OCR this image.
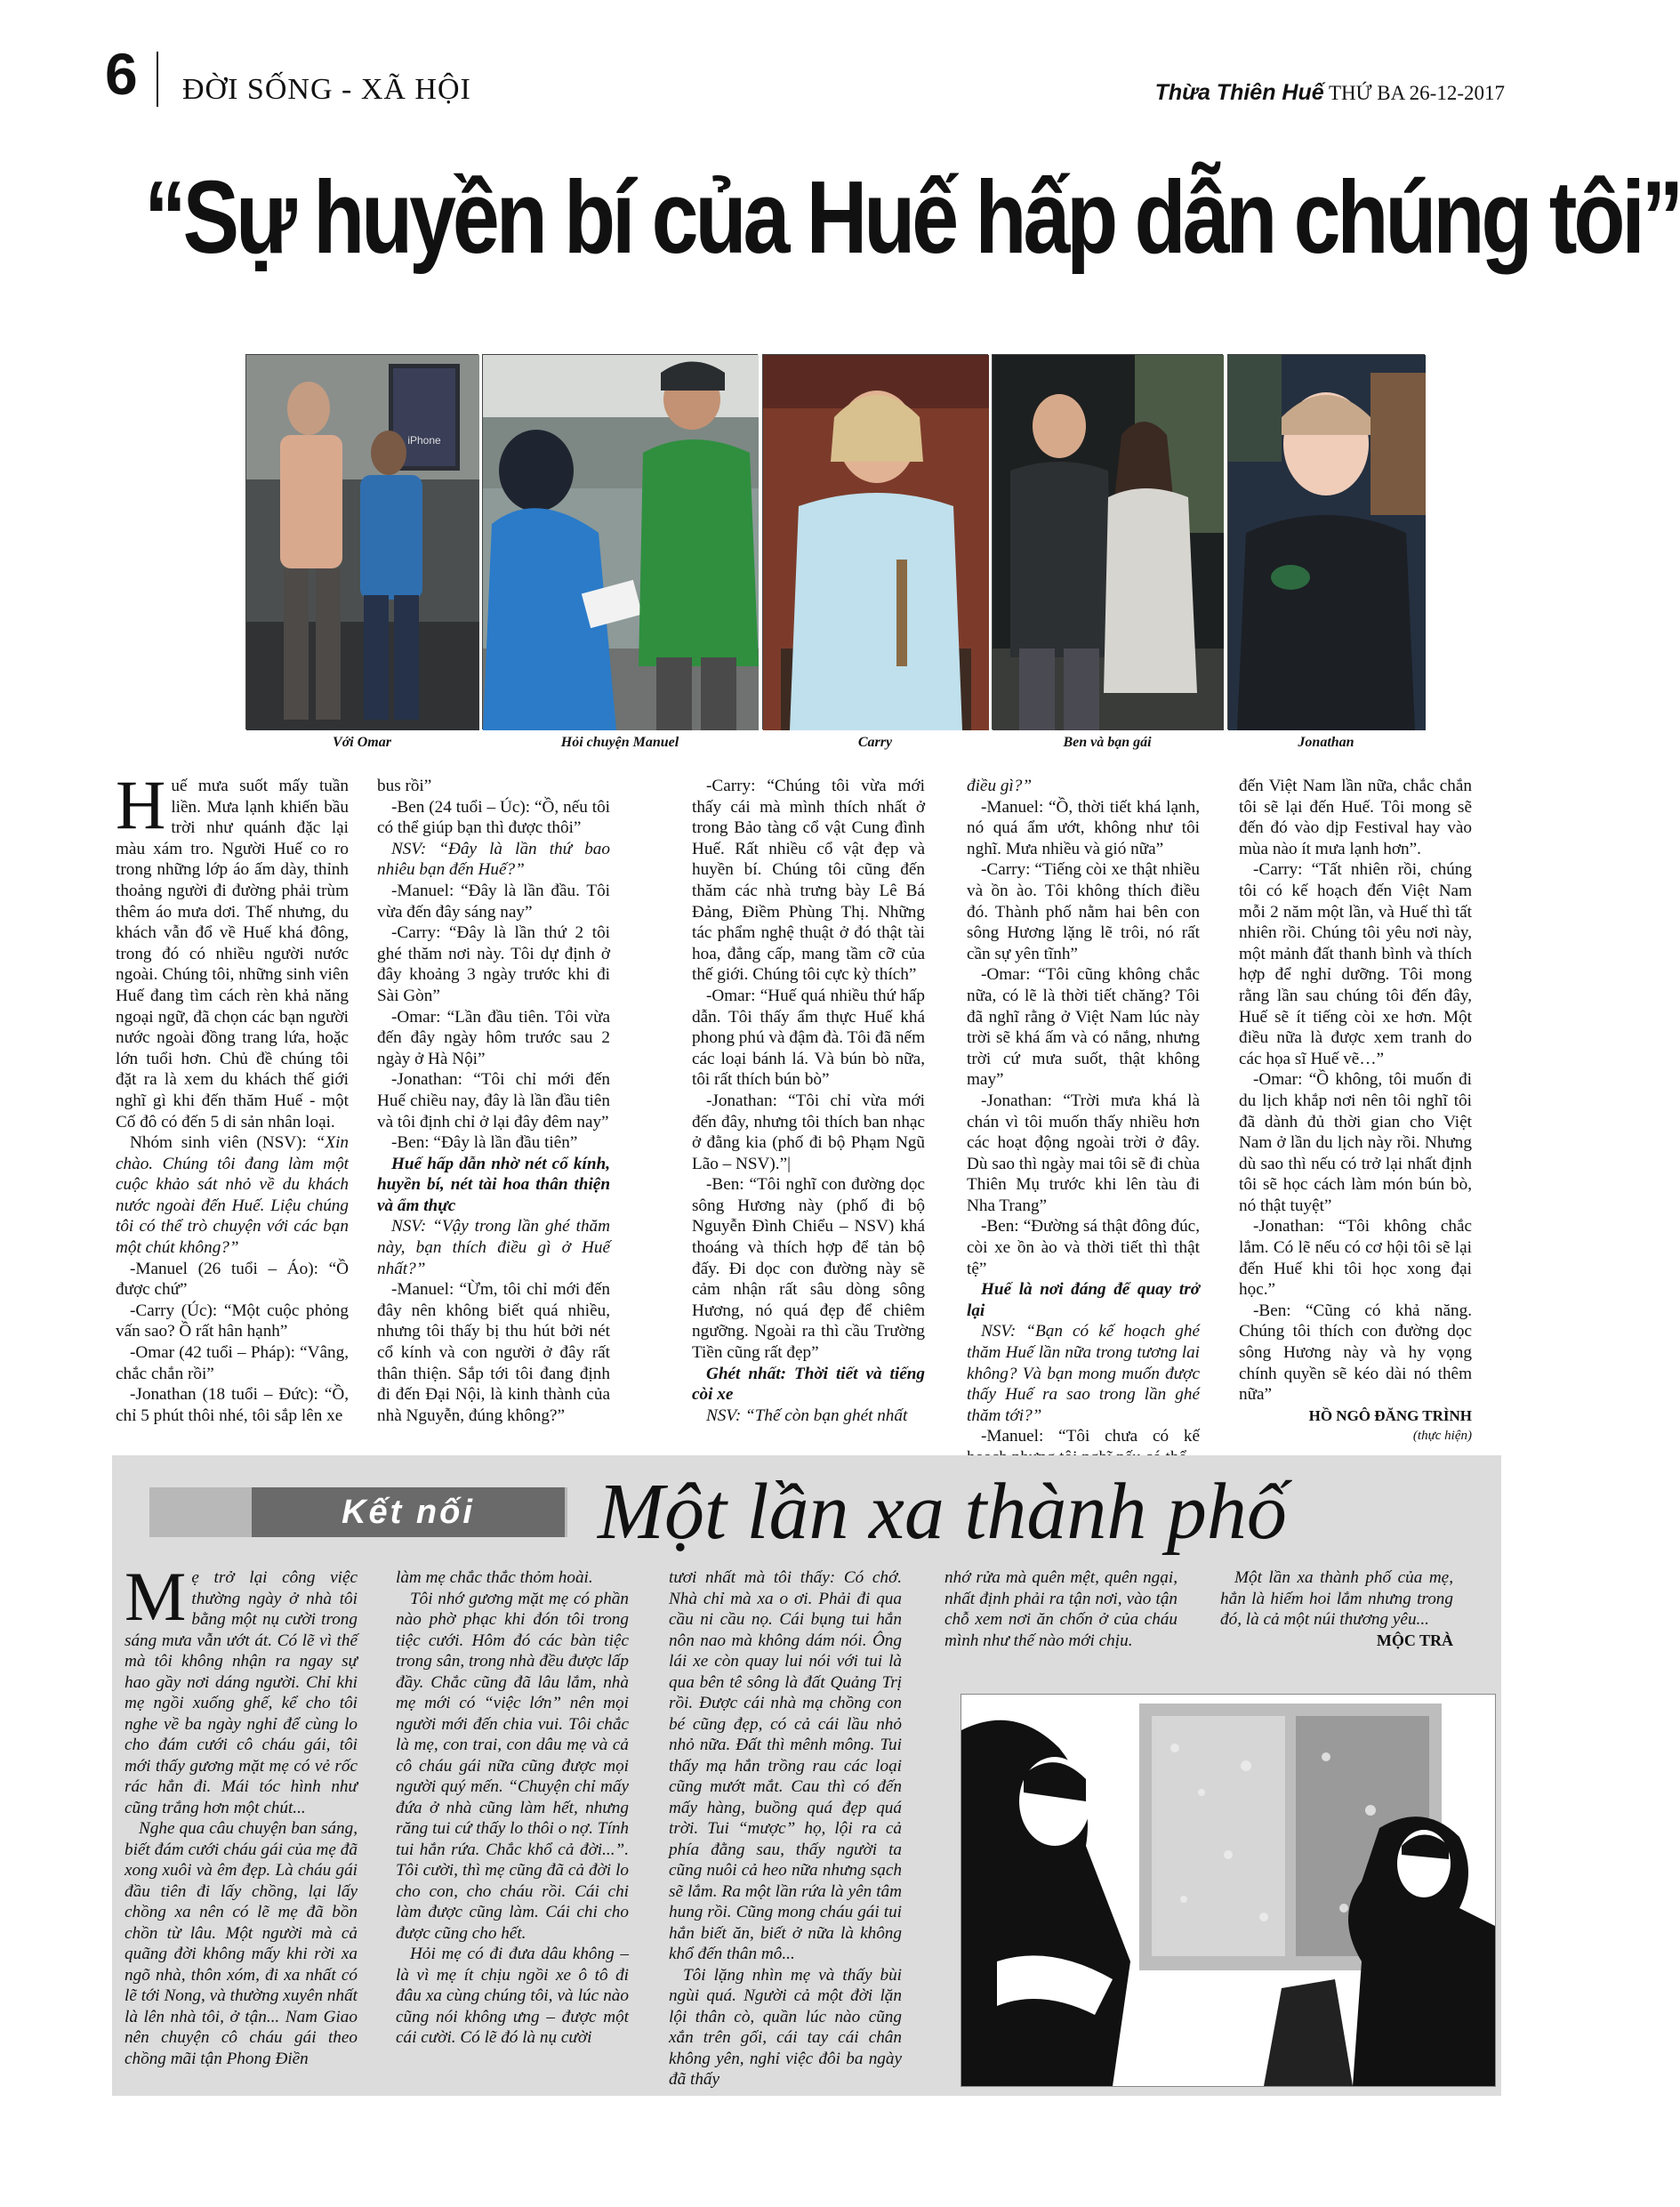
6 ĐỜI SỐNG - XÃ HỘI	Thừa Thiên Huế THỨ BA 26-12-2017
“Sự huyền bí của Huế hấp dẫn chúng tôi”
iPhone
Với Omar	Hỏi chuyện Manuel	Carry	Ben và bạn gái	Jonathan

Huế mưa suốt mấy tuần liền. Mưa lạnh khiến bầu trời như quánh đặc lại màu xám tro. Người Huế co ro trong những lớp áo ấm dày, thỉnh thoảng người đi đường phải trùm thêm áo mưa dơi. Thế nhưng, du khách vẫn đổ về Huế khá đông, trong đó có nhiều người nước ngoài. Chúng tôi, những sinh viên Huế đang tìm cách rèn khả năng ngoại ngữ, đã chọn các bạn người nước ngoài đồng trang lứa, hoặc lớn tuổi hơn. Chủ đề chúng tôi đặt ra là xem du khách thế giới nghĩ gì khi đến thăm Huế - một Cố đô có đến 5 di sản nhân loại.

Nhóm sinh viên (NSV): “Xin chào. Chúng tôi đang làm một cuộc khảo sát nhỏ về du khách nước ngoài đến Huế. Liệu chúng tôi có thể trò chuyện với các bạn một chút không?”

-Manuel (26 tuổi – Áo): “Ồ được chứ”

-Carry (Úc): “Một cuộc phỏng vấn sao? Ồ rất hân hạnh”

-Omar (42 tuổi – Pháp): “Vâng, chắc chắn rồi”

-Jonathan (18 tuổi – Đức): “Ồ, chỉ 5 phút thôi nhé, tôi sắp lên xe

bus rồi”

-Ben (24 tuổi – Úc): “Ồ, nếu tôi có thể giúp bạn thì được thôi”

NSV: “Đây là lần thứ bao nhiêu bạn đến Huế?”

-Manuel: “Đây là lần đầu. Tôi vừa đến đây sáng nay”

-Carry: “Đây là lần thứ 2 tôi ghé thăm nơi này. Tôi dự định ở đây khoảng 3 ngày trước khi đi Sài Gòn”

-Omar: “Lần đầu tiên. Tôi vừa đến đây ngày hôm trước sau 2 ngày ở Hà Nội”

-Jonathan: “Tôi chỉ mới đến Huế chiều nay, đây là lần đầu tiên và tôi định chỉ ở lại đây đêm nay”

-Ben: “Đây là lần đầu tiên”

Huế hấp dẫn nhờ nét cổ kính, huyền bí, nét tài hoa thân thiện và ẩm thực

NSV: “Vậy trong lần ghé thăm này, bạn thích điều gì ở Huế nhất?”

-Manuel: “Ừm, tôi chỉ mới đến đây nên không biết quá nhiều, nhưng tôi thấy bị thu hút bởi nét cổ kính và con người ở đây rất thân thiện. Sắp tới tôi đang định đi đến Đại Nội, là kinh thành của nhà Nguyễn, đúng không?”

-Carry: “Chúng tôi vừa mới thấy cái mà mình thích nhất ở trong Bảo tàng cổ vật Cung đình Huế. Rất nhiều cổ vật đẹp và huyền bí. Chúng tôi cũng đến thăm các nhà trưng bày Lê Bá Đảng, Điềm Phùng Thị. Những tác phẩm nghệ thuật ở đó thật tài hoa, đẳng cấp, mang tầm cỡ của thế giới. Chúng tôi cực kỳ thích”

-Omar: “Huế quá nhiều thứ hấp dẫn. Tôi thấy ẩm thực Huế khá phong phú và đậm đà. Tôi đã nếm các loại bánh lá. Và bún bò nữa, tôi rất thích bún bò”

-Jonathan: “Tôi chỉ vừa mới đến đây, nhưng tôi thích ban nhạc ở đằng kia (phố đi bộ Phạm Ngũ Lão – NSV).”|

-Ben: “Tôi nghĩ con đường dọc sông Hương này (phố đi bộ Nguyễn Đình Chiểu – NSV) khá thoáng và thích hợp để tản bộ đấy. Đi dọc con đường này sẽ cảm nhận rất sâu dòng sông Hương, nó quá đẹp để chiêm ngưỡng. Ngoài ra thì cầu Trường Tiền cũng rất đẹp”

Ghét nhất: Thời tiết và tiếng còi xe

NSV: “Thế còn bạn ghét nhất

điều gì?”

-Manuel: “Ồ, thời tiết khá lạnh, nó quá ẩm ướt, không như tôi nghĩ. Mưa nhiều và gió nữa”

-Carry: “Tiếng còi xe thật nhiều và ồn ào. Tôi không thích điều đó. Thành phố nằm hai bên con sông Hương lặng lẽ trôi, nó rất cần sự yên tĩnh”

-Omar: “Tôi cũng không chắc nữa, có lẽ là thời tiết chăng? Tôi đã nghĩ rằng ở Việt Nam lúc này trời sẽ khá ấm và có nắng, nhưng trời cứ mưa suốt, thật không may”

-Jonathan: “Trời mưa khá là chán vì tôi muốn thấy nhiều hơn các hoạt động ngoài trời ở đây. Dù sao thì ngày mai tôi sẽ đi chùa Thiên Mụ trước khi lên tàu đi Nha Trang”

-Ben: “Đường sá thật đông đúc, còi xe ồn ào và thời tiết thì thật tệ”

Huế là nơi đáng để quay trở lại

NSV: “Bạn có kế hoạch ghé thăm Huế lần nữa trong tương lai không? Và bạn mong muốn được thấy Huế ra sao trong lần ghé thăm tới?”

-Manuel: “Tôi chưa có kế

đến Việt Nam lần nữa, chắc chắn tôi sẽ lại đến Huế. Tôi mong sẽ đến đó vào dịp Festival hay vào mùa nào ít mưa lạnh hơn”.

-Carry: “Tất nhiên rồi, chúng tôi có kế hoạch đến Việt Nam mỗi 2 năm một lần, và Huế thì tất nhiên rồi. Chúng tôi yêu nơi này, một mảnh đất thanh bình và thích hợp để nghỉ dưỡng. Tôi mong rằng lần sau chúng tôi đến đây, Huế sẽ ít tiếng còi xe hơn. Một điều nữa là được xem tranh do các họa sĩ Huế vẽ…”

-Omar: “Ồ không, tôi muốn đi du lịch khắp nơi nên tôi nghĩ tôi đã dành đủ thời gian cho Việt Nam ở lần du lịch này rồi. Nhưng dù sao thì nếu có trở lại nhất định tôi sẽ học cách làm món bún bò, nó thật tuyệt”

-Jonathan: “Tôi không chắc lắm. Có lẽ nếu có cơ hội tôi sẽ lại đến Huế khi tôi học xong đại học.”

-Ben: “Cũng có khả năng. Chúng tôi thích con đường dọc sông Hương này và hy vọng chính quyền sẽ kéo dài nó thêm nữa”

HỒ NGÔ ĐĂNG TRÌNH

(thực hiện)

Kết nối	Một lần xa thành phố

Mẹ trở lại công việc thường ngày ở nhà tôi bằng một nụ cười trong sáng mưa vẫn ướt át. Có lẽ vì thế mà tôi không nhận ra ngay sự hao gầy nơi dáng người. Chỉ khi mẹ ngồi xuống ghế, kể cho tôi nghe về ba ngày nghỉ để cùng lo cho đám cưới cô cháu gái, tôi mới thấy gương mặt mẹ có vẻ rốc rác hẳn đi. Mái tóc hình như cũng trắng hơn một chút...

Nghe qua câu chuyện ban sáng, biết đám cưới cháu gái của mẹ đã xong xuôi và êm đẹp. Là cháu gái đầu tiên đi lấy chồng, lại lấy chồng xa nên có lẽ mẹ đã bồn chồn từ lâu. Một người mà cả quãng đời không mấy khi rời xa ngõ nhà, thôn xóm, đi xa nhất có lẽ tới Nong, và thường xuyên nhất là lên nhà tôi, ở tận... Nam Giao nên chuyện cô cháu gái theo chồng mãi tận Phong Điền

làm mẹ chắc thắc thỏm hoài.

Tôi nhớ gương mặt mẹ có phần nào phờ phạc khi đón tôi trong tiệc cưới. Hôm đó các bàn tiệc trong sân, trong nhà đều được lấp đầy. Chắc cũng đã lâu lắm, nhà mẹ mới có “việc lớn” nên mọi người mới đến chia vui. Tôi chắc là mẹ, con trai, con dâu mẹ và cả cô cháu gái nữa cũng được mọi người quý mến. “Chuyện chỉ mấy đứa ở nhà cũng làm hết, nhưng răng tui cứ thấy lo thôi o nợ. Tính tui hắn rứa. Chắc khổ cả đời...”. Tôi cười, thì mẹ cũng đã cả đời lo cho con, cho cháu rồi. Cái chi làm được cũng làm. Cái chi cho được cũng cho hết.

Hỏi mẹ có đi đưa dâu không – là vì mẹ ít chịu ngồi xe ô tô đi đâu xa cùng chúng tôi, và lúc nào cũng nói không ưng – được một cái cười. Có lẽ đó là nụ cười

tươi nhất mà tôi thấy: Có chớ. Nhà chỉ mà xa o ơi. Phải đi qua cầu ni cầu nọ. Cái bụng tui hắn nôn nao mà không dám nói. Ông lái xe còn quay lui nói với tui là qua bên tê sông là đất Quảng Trị rồi. Được cái nhà mạ chồng con bé cũng đẹp, có cả cái lầu nhỏ nhỏ nữa. Đất thì mênh mông. Tui thấy mạ hắn trồng rau các loại cũng mướt mắt. Cau thì có đến mấy hàng, buồng quá đẹp quá trời. Tui “mược” họ, lội ra cả phía đằng sau, thấy người ta cũng nuôi cả heo nữa nhưng sạch sẽ lắm. Ra một lần rứa là yên tâm hung rồi. Cũng mong cháu gái tui hắn biết ăn, biết ở nữa là không khổ đến thân mô...

Tôi lặng nhìn mẹ và thấy bùi ngùi quá. Người cả một đời lặn lội thân cò, quần lúc nào cũng xắn trên gối, cái tay cái chân không yên, nghỉ việc đôi ba ngày đã thấy

nhớ rửa mà quên mệt, quên ngại, nhất định phải ra tận nơi, vào tận chỗ xem nơi ăn chốn ở của cháu mình như thế nào mới chịu.

Một lần xa thành phố của mẹ, hẳn là hiếm hoi lắm nhưng trong đó, là cả một núi thương yêu...

MỘC TRÀ

Rong
